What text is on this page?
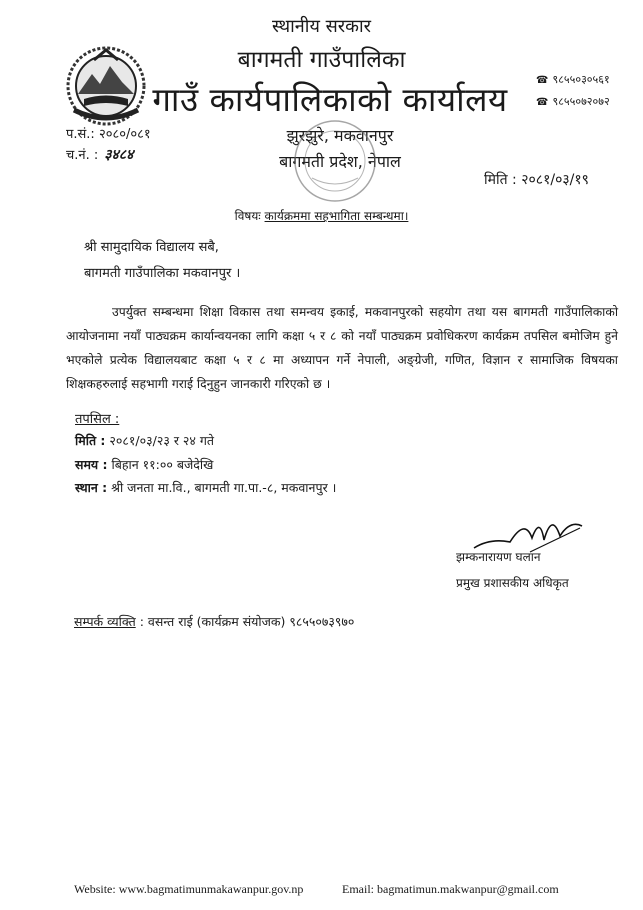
स्थानीय सरकार
बागमती गाउँपालिका
गाउँ कार्यपालिकाको कार्यालय
झुरझुरे, मकवानपुर
बागमती प्रदेश, नेपाल
☎ ९८५५०३०५६१
☎ ९८५५०७२०७२
प.सं.: २०८०/०८१
च.नं. : ३४८४
मिति : २०८१/०३/१९
विषयः कार्यक्रममा सहभागिता सम्बन्धमा।
श्री सामुदायिक विद्यालय सबै,
बागमती गाउँपालिका मकवानपुर ।
उपर्युक्त सम्बन्धमा शिक्षा विकास तथा समन्वय इकाई, मकवानपुरको सहयोग तथा यस बागमती गाउँपालिकाको आयोजनामा नयाँ पाठ्यक्रम कार्यान्वयनका लागि कक्षा ५ र ८ को नयाँ पाठ्यक्रम प्रवोधिकरण कार्यक्रम तपसिल बमोजिम हुने भएकोले प्रत्येक विद्यालयबाट कक्षा ५ र ८ मा अध्यापन गर्ने नेपाली, अङ्ग्रेजी, गणित, विज्ञान र सामाजिक विषयका शिक्षकहरुलाई सहभागी गराई दिनुहुन जानकारी गरिएको छ ।
तपसिल :
मिति : २०८१/०३/२३ र २४ गते
समय : बिहान ११:०० बजेदेखि
स्थान : श्री जनता मा.वि., बागमती गा.पा.-८, मकवानपुर ।
झम्कनारायण घलान
प्रमुख प्रशासकीय अधिकृत
सम्पर्क व्यक्ति : वसन्त राई (कार्यक्रम संयोजक) ९८५५०७३९७०
Website: www.bagmatimunmakawanpur.gov.np	Email: bagmatimun.makwanpur@gmail.com
